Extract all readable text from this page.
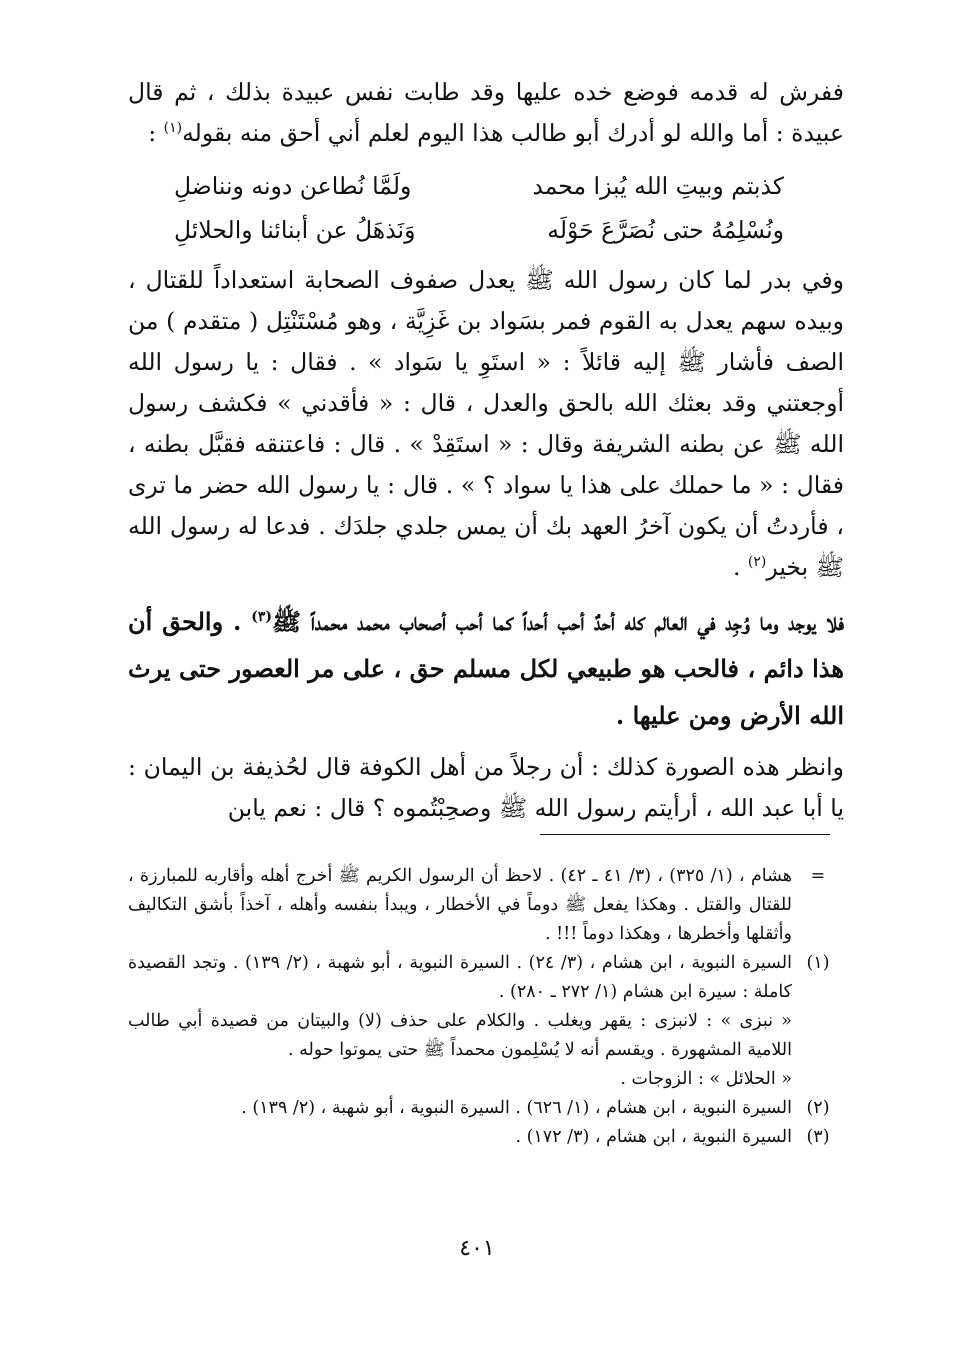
ففرش له قدمه فوضع خده عليها وقد طابت نفس عبيدة بذلك ، ثم قال عبيدة : أما والله لو أدرك أبو طالب هذا اليوم لعلم أني أحق منه بقوله$^{(١)}$ :

كذبتم وبيتِ الله يُبزا محمد
ولَمَّا نُطاعن دونه ونناضلِ
ونُسْلِمُهُ حتى نُصَرَّعَ حَوْلَه
وَنَذهَلُ عن أبنائنا والحلائلِ

وفي بدر لما كان رسول الله ﷺ يعدل صفوف الصحابة استعداداً للقتال ، وبيده سهم يعدل به القوم فمر بسَواد بن غَزِيَّة ، وهو مُسْتَنْتِل ( متقدم ) من الصف فأشار ﷺ إليه قائلاً : « استَوِ يا سَواد » . فقال : يا رسول الله أوجعتني وقد بعثك الله بالحق والعدل ، قال : « فأقدني » فكشف رسول الله ﷺ عن بطنه الشريفة وقال : « استَقِدْ » . قال : فاعتنقه فقبَّل بطنه ، فقال : « ما حملك على هذا يا سواد ؟ » . قال : يا رسول الله حضر ما ترى ، فأردتُ أن يكون آخرُ العهد بك أن يمس جلدي جلدَك . فدعا له رسول الله ﷺ بخير$^{(٢)}$ .

فلا يوجد وما وُجِد في العالم كله أحدٌ أحب أحداً كما أحب أصحاب محمد محمداً ﷺ$^{(٣)}$ . والحق أن هذا دائم ، فالحب هو طبيعي لكل مسلم حق ، على مر العصور حتى يرث الله الأرض ومن عليها .

وانظر هذه الصورة كذلك : أن رجلاً من أهل الكوفة قال لحُذيفة بن اليمان : يا أبا عبد الله ، أرأيتم رسول الله ﷺ وصحِبْتُموه ؟ قال : نعم يابن

=
هشام ، (١/ ٣٢٥) ، (٣/ ٤١ ـ ٤٢) . لاحظ أن الرسول الكريم ﷺ أخرج أهله وأقاربه للمبارزة ، للقتال والقتل . وهكذا يفعل ﷺ دوماً في الأخطار ، ويبدأ بنفسه وأهله ، آخذاً بأشق التكاليف وأثقلها وأخطرها ، وهكذا دوماً !!! .
(١)
السيرة النبوية ، ابن هشام ، (٣/ ٢٤) . السيرة النبوية ، أبو شهبة ، (٢/ ١٣٩) . وتجد القصيدة كاملة : سيرة ابن هشام (١/ ٢٧٢ ـ ٢٨٠) .
« نبزى » : لانبزى : يقهر ويغلب . والكلام على حذف (لا) والبيتان من قصيدة أبي طالب اللامية المشهورة . ويقسم أنه لا يُسْلِمون محمداً ﷺ حتى يموتوا حوله .
« الحلائل » : الزوجات .
(٢)
السيرة النبوية ، ابن هشام ، (١/ ٦٢٦) . السيرة النبوية ، أبو شهبة ، (٢/ ١٣٩) .
(٣)
السيرة النبوية ، ابن هشام ، (٣/ ١٧٢) .
٤٠١
